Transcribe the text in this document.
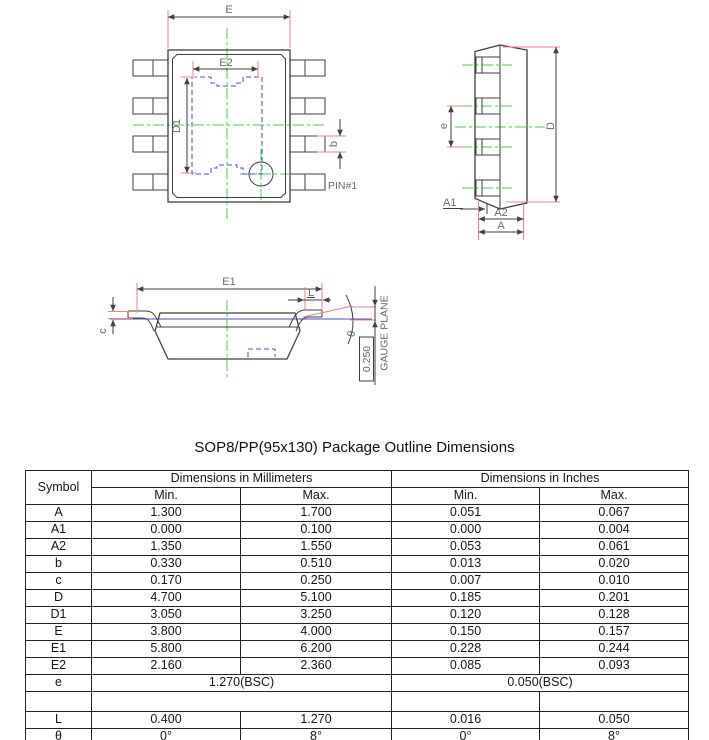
E
E2
D1
b
PIN#1
e	D
A1
A2
A
E1
L
c	θ
0.250 GAUGE PLANE
SOP8/PP(95x130) Package Outline Dimensions
Symbol	Dimensions in Millimeters		Dimensions in Inches	
	Min.	Max.	Min.	Max.
A	1.300	1.700	0.051	0.067
A1	0.000	0.100	0.000	0.004
A2	1.350	1.550	0.053	0.061
b	0.330	0.510	0.013	0.020
c	0.170	0.250	0.007	0.010
D	4.700	5.100	0.185	0.201
D1	3.050	3.250	0.120	0.128
E	3.800	4.000	0.150	0.157
E1	5.800	6.200	0.228	0.244
E2	2.160	2.360	0.085	0.093
e	1.270(BSC)		0.050(BSC)	

L	0.400	1.270	0.016	0.050
θ	0°	8°	0°	8°
